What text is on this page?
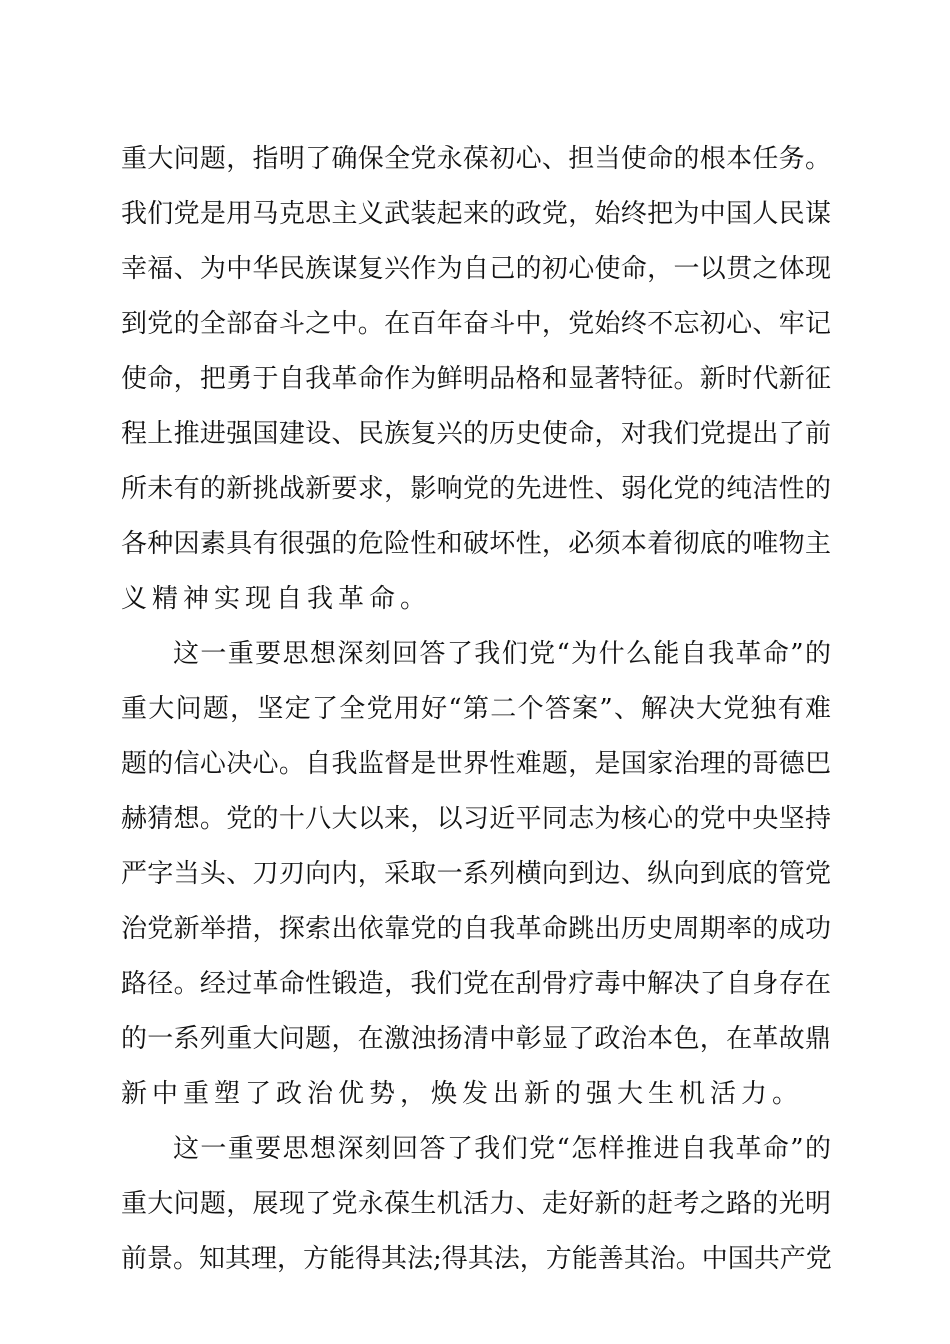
重大问题，指明了确保全党永葆初心、担当使命的根本任务。
我们党是用马克思主义武装起来的政党，始终把为中国人民谋
幸福、为中华民族谋复兴作为自己的初心使命，一以贯之体现
到党的全部奋斗之中。在百年奋斗中，党始终不忘初心、牢记
使命，把勇于自我革命作为鲜明品格和显著特征。新时代新征
程上推进强国建设、民族复兴的历史使命，对我们党提出了前
所未有的新挑战新要求，影响党的先进性、弱化党的纯洁性的
各种因素具有很强的危险性和破坏性，必须本着彻底的唯物主
义精神实现自我革命。
这一重要思想深刻回答了我们党“为什么能自我革命”的
重大问题，坚定了全党用好“第二个答案”、解决大党独有难
题的信心决心。自我监督是世界性难题，是国家治理的哥德巴
赫猜想。党的十八大以来，以习近平同志为核心的党中央坚持
严字当头、刀刃向内，采取一系列横向到边、纵向到底的管党
治党新举措，探索出依靠党的自我革命跳出历史周期率的成功
路径。经过革命性锻造，我们党在刮骨疗毒中解决了自身存在
的一系列重大问题，在激浊扬清中彰显了政治本色，在革故鼎
新中重塑了政治优势，焕发出新的强大生机活力。
这一重要思想深刻回答了我们党“怎样推进自我革命”的
重大问题，展现了党永葆生机活力、走好新的赶考之路的光明
前景。知其理，方能得其法;得其法，方能善其治。中国共产党
